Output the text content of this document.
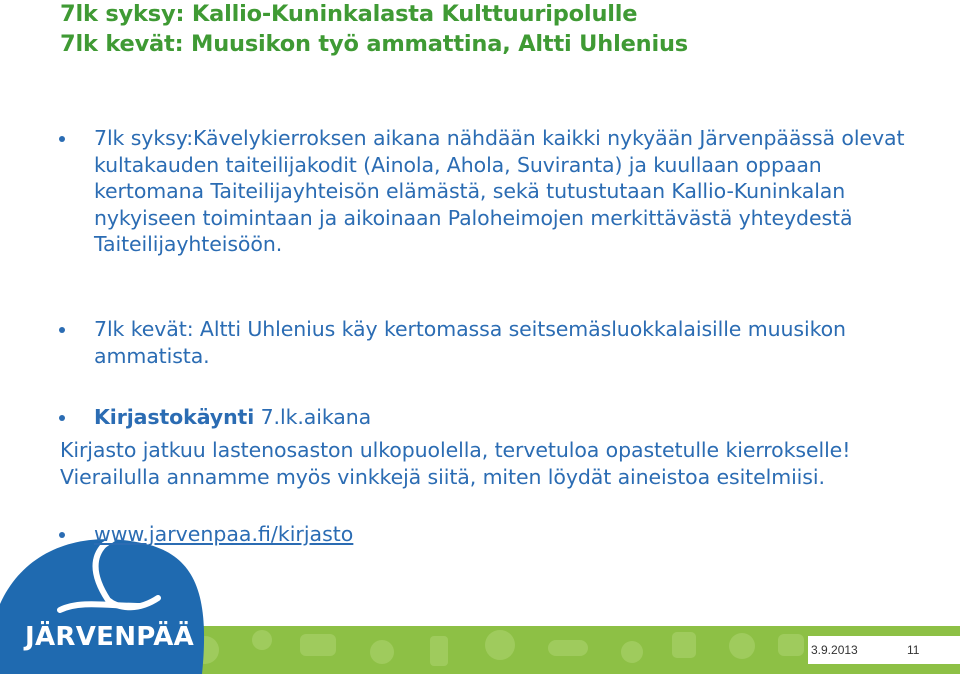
7lk syksy: Kallio-Kuninkalasta Kulttuuripolulle
7lk kevät: Muusikon työ ammattina, Altti Uhlenius
7lk syksy:Kävelykierroksen aikana nähdään kaikki nykyään Järvenpäässä olevat kultakauden taiteilijakodit (Ainola, Ahola, Suviranta) ja kuullaan oppaan kertomana Taiteilijayhteisön elämästä, sekä tutustutaan Kallio-Kuninkalan nykyiseen toimintaan ja aikoinaan Paloheimojen merkittävästä yhteydestä Taiteilijayhteisöön.
7lk kevät: Altti Uhlenius käy kertomassa seitsemäsluokkalaisille muusikon ammatista.
Kirjastokäynti 7.lk.aikana
Kirjasto jatkuu lastenosaston ulkopuolella, tervetuloa opastetulle kierrokselle! Vierailulla annamme myös vinkkejä siitä, miten löydät aineistoa esitelmiisi.
www.jarvenpaa.fi/kirjasto
JÄRVENPÄÄ	3.9.2013	11
